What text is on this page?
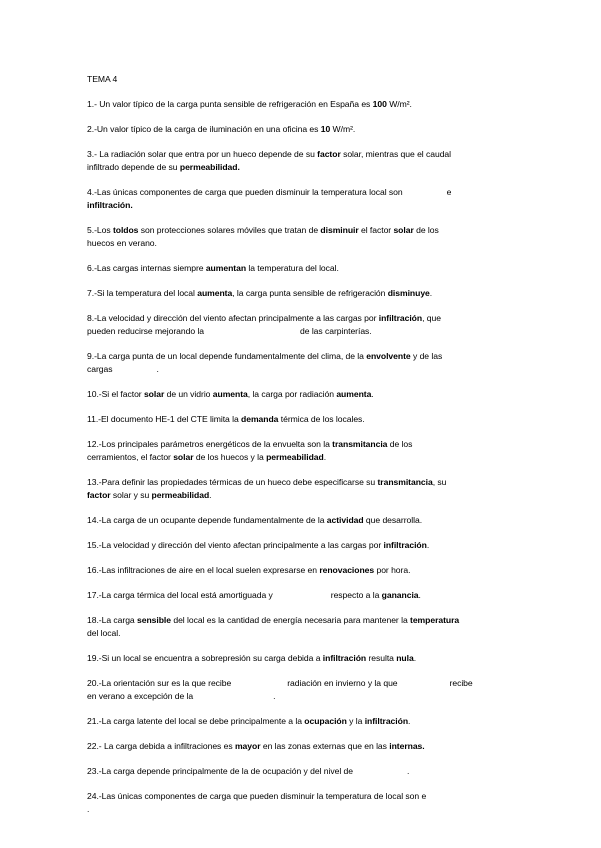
TEMA 4
1.- Un valor típico de la carga punta sensible de refrigeración en España es 100 W/m².
2.-Un valor típico de la carga de iluminación en una oficina es 10 W/m².
3.- La radiación solar que entra por un hueco depende de su factor solar, mientras que el caudal
infiltrado depende de su permeabilidad.
4.-Las únicas componentes de carga que pueden disminuir la temperatura local son	e
infiltración.
5.-Los toldos son protecciones solares móviles que tratan de disminuir el factor solar de los
huecos en verano.
6.-Las cargas internas siempre aumentan la temperatura del local.
7.-Si la temperatura del local aumenta, la carga punta sensible de refrigeración disminuye.
8.-La velocidad y dirección del viento afectan principalmente a las cargas por infiltración, que
pueden reducirse mejorando la	de las carpinterías.
9.-La carga punta de un local depende fundamentalmente del clima, de la envolvente y de las
cargas	.
10.-Si el factor solar de un vidrio aumenta, la carga por radiación aumenta.
11.-El documento HE-1 del CTE limita la demanda térmica de los locales.
12.-Los principales parámetros energéticos de la envuelta son la transmitancia de los
cerramientos, el factor solar de los huecos y la permeabilidad.
13.-Para definir las propiedades térmicas de un hueco debe especificarse su transmitancia, su
factor solar y su permeabilidad.
14.-La carga de un ocupante depende fundamentalmente de la actividad que desarrolla.
15.-La velocidad y dirección del viento afectan principalmente a las cargas por infiltración.
16.-Las infiltraciones de aire en el local suelen expresarse en renovaciones por hora.
17.-La carga térmica del local está amortiguada y	respecto a la ganancia.
18.-La carga sensible del local es la cantidad de energía necesaria para mantener la temperatura
del local.
19.-Si un local se encuentra a sobrepresión su carga debida a infiltración resulta nula.
20.-La orientación sur es la que recibe	radiación en invierno y la que	recibe
en verano a excepción de la	.
21.-La carga latente del local se debe principalmente a la ocupación y la infiltración.
22.- La carga debida a infiltraciones es mayor en las zonas externas que en las internas.
23.-La carga depende principalmente de la de ocupación y del nivel de	.
24.-Las únicas componentes de carga que pueden disminuir la temperatura de local son e
.
